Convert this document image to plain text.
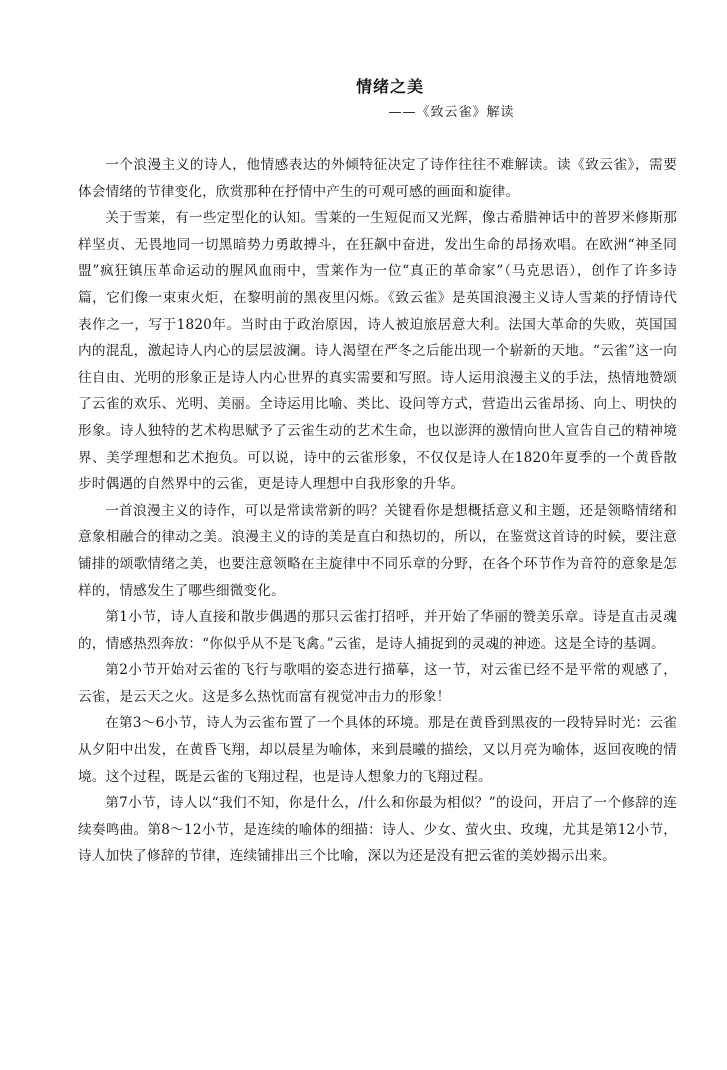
情绪之美
——《致云雀》解读

一个浪漫主义的诗人，他情感表达的外倾特征决定了诗作往往不难解读。读《致云雀》，需要体会情绪的节律变化，欣赏那种在抒情中产生的可观可感的画面和旋律。

关于雪莱，有一些定型化的认知。雪莱的一生短促而又光辉，像古希腊神话中的普罗米修斯那样坚贞、无畏地同一切黑暗势力勇敢搏斗，在狂飙中奋进，发出生命的昂扬欢唱。在欧洲“神圣同盟”疯狂镇压革命运动的腥风血雨中，雪莱作为一位“真正的革命家”（马克思语），创作了许多诗篇，它们像一束束火炬，在黎明前的黑夜里闪烁。《致云雀》是英国浪漫主义诗人雪莱的抒情诗代表作之一，写于1820年。当时由于政治原因，诗人被迫旅居意大利。法国大革命的失败，英国国内的混乱，激起诗人内心的层层波澜。诗人渴望在严冬之后能出现一个崭新的天地。“云雀”这一向往自由、光明的形象正是诗人内心世界的真实需要和写照。诗人运用浪漫主义的手法，热情地赞颂了云雀的欢乐、光明、美丽。全诗运用比喻、类比、设问等方式，营造出云雀昂扬、向上、明快的形象。诗人独特的艺术构思赋予了云雀生动的艺术生命，也以澎湃的激情向世人宣告自己的精神境界、美学理想和艺术抱负。可以说，诗中的云雀形象，不仅仅是诗人在1820年夏季的一个黄昏散步时偶遇的自然界中的云雀，更是诗人理想中自我形象的升华。

一首浪漫主义的诗作，可以是常读常新的吗？关键看你是想概括意义和主题，还是领略情绪和意象相融合的律动之美。浪漫主义的诗的美是直白和热切的，所以，在鉴赏这首诗的时候，要注意铺排的颂歌情绪之美，也要注意领略在主旋律中不同乐章的分野，在各个环节作为音符的意象是怎样的，情感发生了哪些细微变化。

第1小节，诗人直接和散步偶遇的那只云雀打招呼，并开始了华丽的赞美乐章。诗是直击灵魂的，情感热烈奔放：“你似乎从不是飞禽。”云雀，是诗人捕捉到的灵魂的神迹。这是全诗的基调。

第2小节开始对云雀的飞行与歌唱的姿态进行描摹，这一节，对云雀已经不是平常的观感了，云雀，是云天之火。这是多么热忱而富有视觉冲击力的形象！

在第3～6小节，诗人为云雀布置了一个具体的环境。那是在黄昏到黑夜的一段特异时光：云雀从夕阳中出发，在黄昏飞翔，却以晨星为喻体，来到晨曦的描绘，又以月亮为喻体，返回夜晚的情境。这个过程，既是云雀的飞翔过程，也是诗人想象力的飞翔过程。

第7小节，诗人以“我们不知，你是什么，/什么和你最为相似？”的设问，开启了一个修辞的连续奏鸣曲。第8～12小节，是连续的喻体的细描：诗人、少女、萤火虫、玫瑰，尤其是第12小节，诗人加快了修辞的节律，连续铺排出三个比喻，深以为还是没有把云雀的美妙揭示出来。
